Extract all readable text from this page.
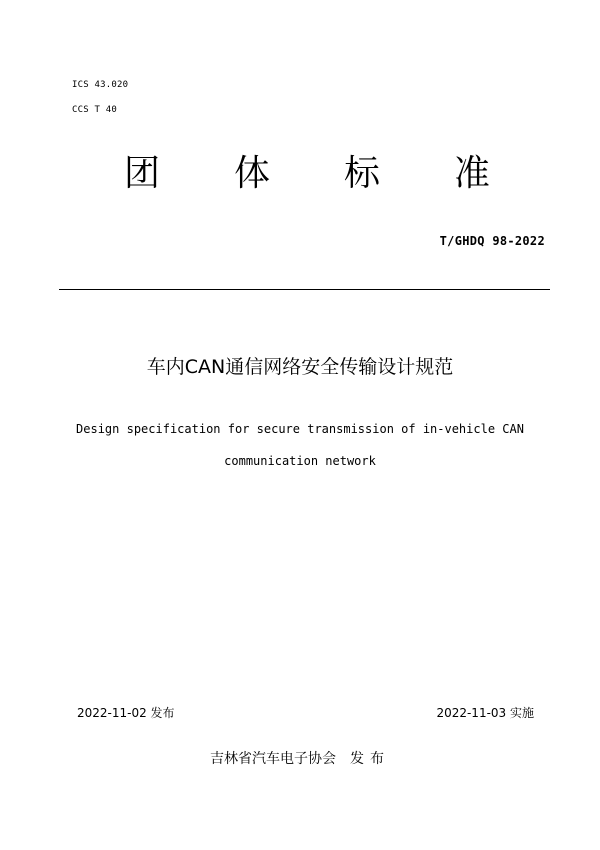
ICS 43.020
CCS T 40
团 体 标 准
T/GHDQ 98-2022
车内CAN通信网络安全传输设计规范
Design specification for secure transmission of in-vehicle CAN
communication network
2022-11-02 发布	2022-11-03 实施
吉林省汽车电子协会 发布
